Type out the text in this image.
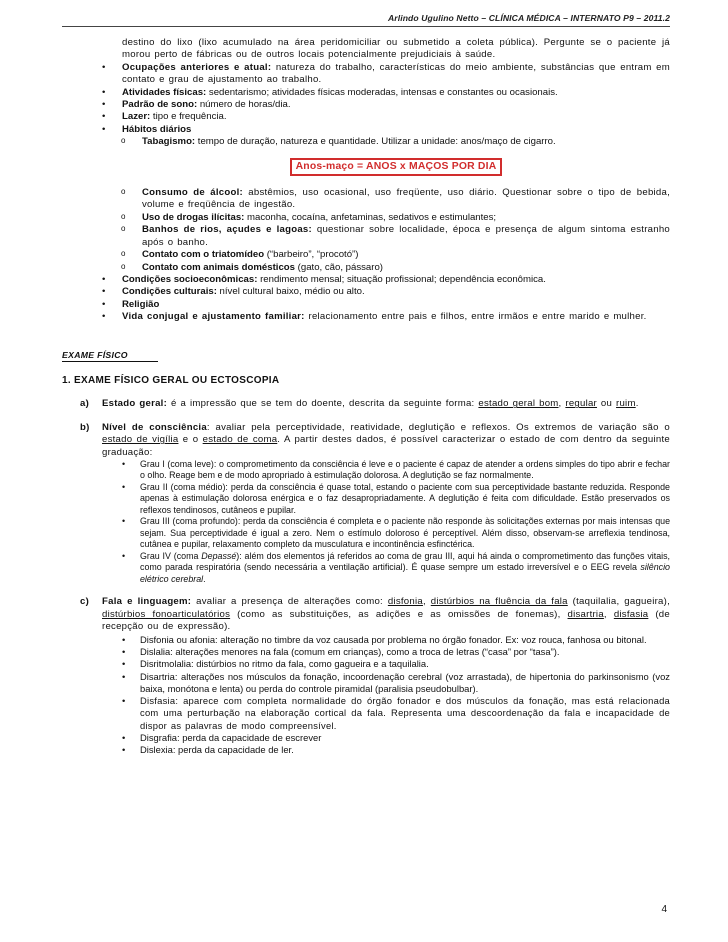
Arlindo Ugulino Netto – CLÍNICA MÉDICA – INTERNATO P9 – 2011.2
destino do lixo (lixo acumulado na área peridomiciliar ou submetido a coleta pública). Pergunte se o paciente já morou perto de fábricas ou de outros locais potencialmente prejudiciais à saúde.
• Ocupações anteriores e atual: natureza do trabalho, características do meio ambiente, substâncias que entram em contato e grau de ajustamento ao trabalho.
• Atividades físicas: sedentarismo; atividades físicas moderadas, intensas e constantes ou ocasionais.
• Padrão de sono: número de horas/dia.
• Lazer: tipo e frequência.
• Hábitos diários
o Tabagismo: tempo de duração, natureza e quantidade. Utilizar a unidade: anos/maço de cigarro.
Anos-maço = ANOS x MAÇOS POR DIA
o Consumo de álcool: abstêmios, uso ocasional, uso freqüente, uso diário. Questionar sobre o tipo de bebida, volume e freqüência de ingestão.
o Uso de drogas ilícitas: maconha, cocaína, anfetaminas, sedativos e estimulantes;
o Banhos de rios, açudes e lagoas: questionar sobre localidade, época e presença de algum sintoma estranho após o banho.
o Contato com o triatomídeo (“barbeiro”, “procotó”)
o Contato com animais domésticos (gato, cão, pássaro)
• Condições socioeconômicas: rendimento mensal; situação profissional; dependência econômica.
• Condições culturais: nível cultural baixo, médio ou alto.
• Religião
• Vida conjugal e ajustamento familiar: relacionamento entre pais e filhos, entre irmãos e entre marido e mulher.
EXAME FÍSICO
1. EXAME FÍSICO GERAL OU ECTOSCOPIA
a) Estado geral: é a impressão que se tem do doente, descrita da seguinte forma: estado geral bom, regular ou ruim.
b) Nível de consciência: avaliar pela perceptividade, reatividade, deglutição e reflexos. Os extremos de variação são o estado de vigília e o estado de coma. A partir destes dados, é possível caracterizar o estado de com dentro da seguinte graduação:
• Grau I (coma leve): o comprometimento da consciência é leve e o paciente é capaz de atender a ordens simples do tipo abrir e fechar o olho. Reage bem e de modo apropriado à estimulação dolorosa. A deglutição se faz normalmente.
• Grau II (coma médio): perda da consciência é quase total, estando o paciente com sua perceptividade bastante reduzida. Responde apenas à estimulação dolorosa enérgica e o faz desapropriadamente. A deglutição é feita com dificuldade. Estão preservados os reflexos tendinosos, cutâneos e pupilar.
• Grau III (coma profundo): perda da consciência é completa e o paciente não responde às solicitações externas por mais intensas que sejam. Sua perceptividade é igual a zero. Nem o estímulo doloroso é perceptível. Além disso, observam-se arreflexia tendinosa, cutânea e pupilar, relaxamento completo da musculatura e incontinência esfinctérica.
• Grau IV (coma Depassé): além dos elementos já referidos ao coma de grau III, aqui há ainda o comprometimento das funções vitais, como parada respiratória (sendo necessária a ventilação artificial). É quase sempre um estado irreversível e o EEG revela silêncio elétrico cerebral.
c) Fala e linguagem: avaliar a presença de alterações como: disfonia, distúrbios na fluência da fala (taquilalia, gagueira), distúrbios fonoarticulatórios (como as substituições, as adições e as omissões de fonemas), disartria, disfasia (de recepção ou de expressão).
• Disfonia ou afonia: alteração no timbre da voz causada por problema no órgão fonador. Ex: voz rouca, fanhosa ou bitonal.
• Dislalia: alterações menores na fala (comum em crianças), como a troca de letras (“casa” por “tasa”).
• Disritmolalia: distúrbios no ritmo da fala, como gagueira e a taquilalia.
• Disartria: alterações nos músculos da fonação, incoordenação cerebral (voz arrastada), de hipertonia do parkinsonismo (voz baixa, monótona e lenta) ou perda do controle piramidal (paralisia pseudobulbar).
• Disfasia: aparece com completa normalidade do órgão fonador e dos músculos da fonação, mas está relacionada com uma perturbação na elaboração cortical da fala. Representa uma descoordenação da fala e incapacidade de dispor as palavras de modo compreensível.
• Disgrafia: perda da capacidade de escrever
• Dislexia: perda da capacidade de ler.
4
